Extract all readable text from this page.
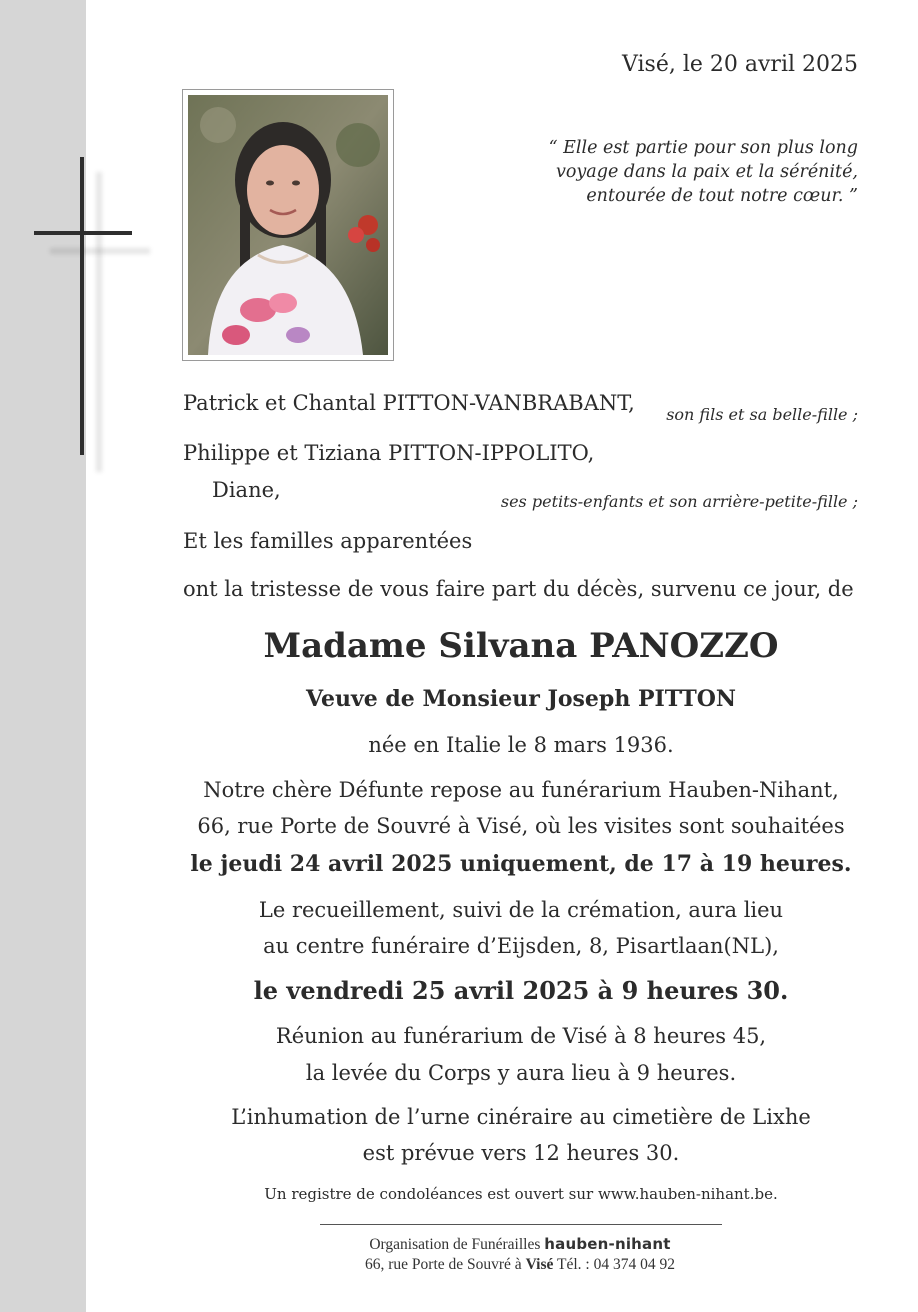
Visé, le 20 avril 2025
“ Elle est partie pour son plus long
voyage dans la paix et la sérénité,
entourée de tout notre cœur. ”
Patrick et Chantal PITTON-VANBRABANT, son fils et sa belle-fille ;
Philippe et Tiziana PITTON-IPPOLITO,
Diane,	ses petits-enfants et son arrière-petite-fille ;
Et les familles apparentées
ont la tristesse de vous faire part du décès, survenu ce jour, de
Madame Silvana PANOZZO
Veuve de Monsieur Joseph PITTON
née en Italie le 8 mars 1936.
Notre chère Défunte repose au funérarium Hauben-Nihant,
66, rue Porte de Souvré à Visé, où les visites sont souhaitées
le jeudi 24 avril 2025 uniquement, de 17 à 19 heures.
Le recueillement, suivi de la crémation, aura lieu
au centre funéraire d’Eijsden, 8, Pisartlaan(NL),
le vendredi 25 avril 2025 à 9 heures 30.
Réunion au funérarium de Visé à 8 heures 45,
la levée du Corps y aura lieu à 9 heures.
L’inhumation de l’urne cinéraire au cimetière de Lixhe
est prévue vers 12 heures 30.
Un registre de condoléances est ouvert sur www.hauben-nihant.be.
Organisation de Funérailles hauben-nihant
66, rue Porte de Souvré à Visé Tél. : 04 374 04 92
